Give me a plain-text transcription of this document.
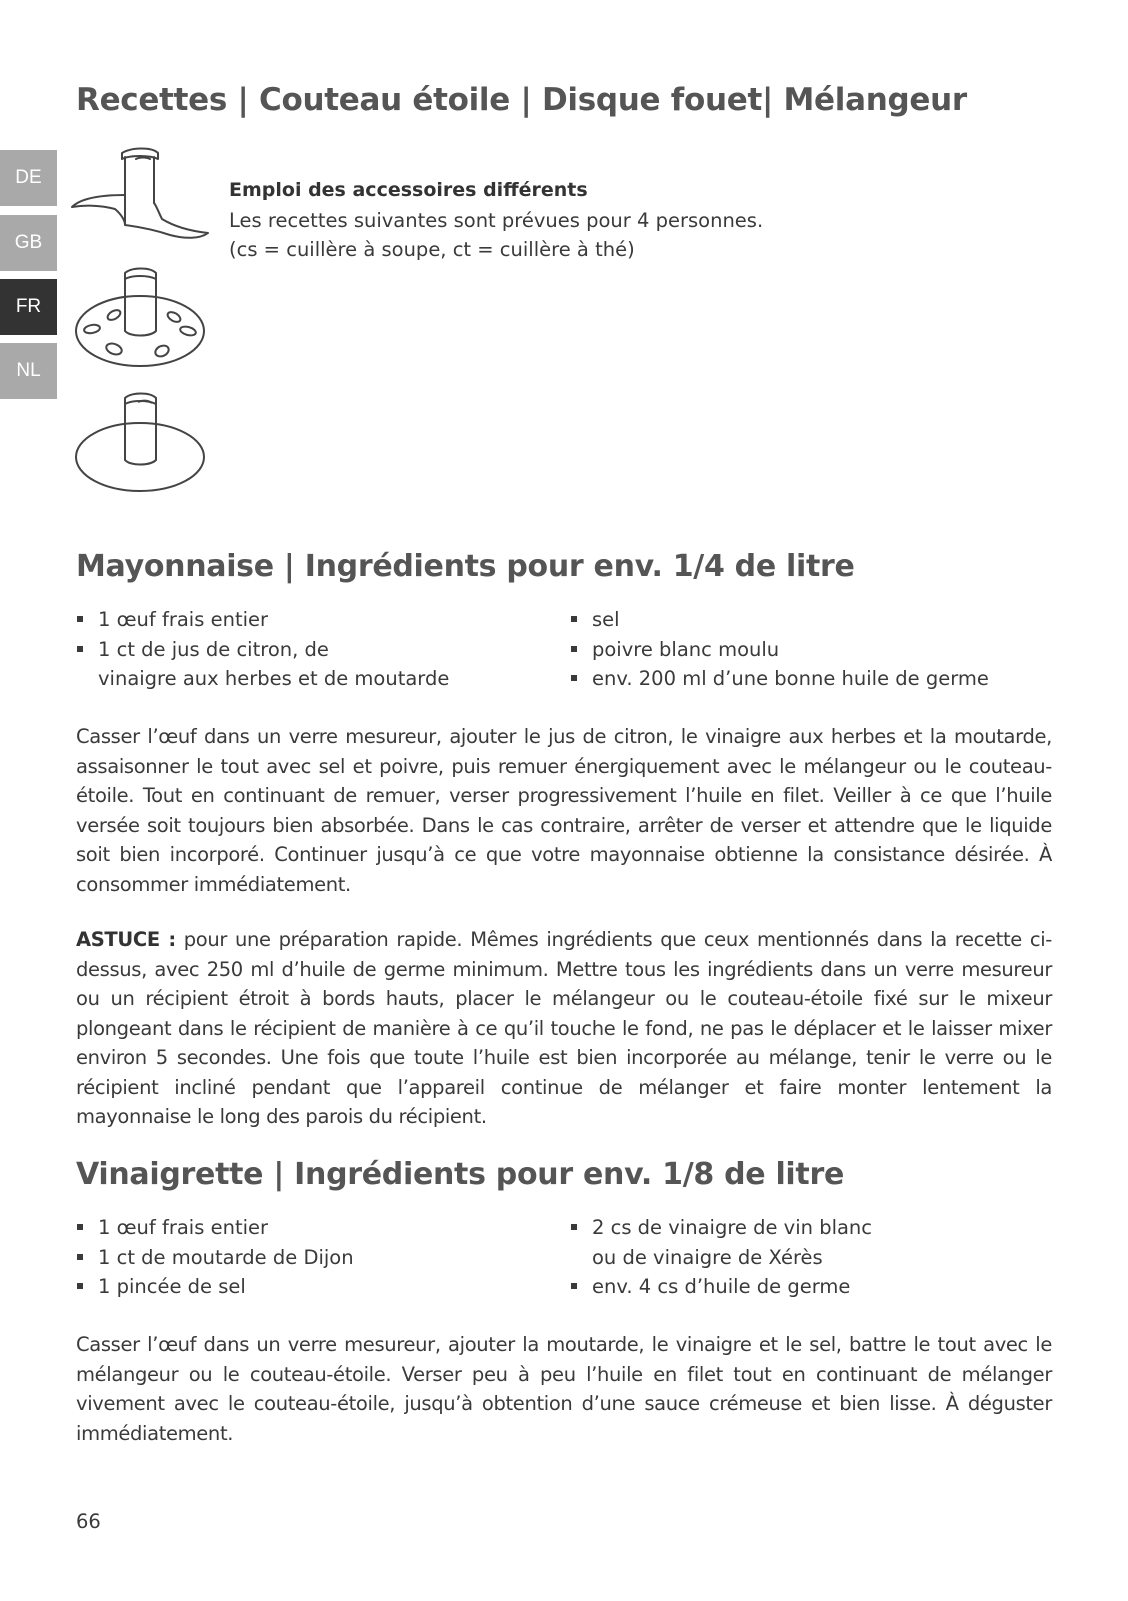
Recettes | Couteau étoile | Disque fouet| Mélangeur
DE
GB
FR
NL
Emploi des accessoires différents
Les recettes suivantes sont prévues pour 4 personnes.
(cs = cuillère à soupe, ct = cuillère à thé)
Mayonnaise | Ingrédients pour env. 1/4 de litre
1 œuf frais entier
1 ct de jus de citron, de
vinaigre aux herbes et de moutarde
sel
poivre blanc moulu
env. 200 ml d’une bonne huile de germe

Casser l’œuf dans un verre mesureur, ajouter le jus de citron, le vinaigre aux herbes et la moutarde, assaisonner le tout avec sel et poivre, puis remuer énergiquement avec le mélangeur ou le couteau-étoile. Tout en continuant de remuer, verser progressivement l’huile en filet. Veiller à ce que l’huile versée soit toujours bien absorbée. Dans le cas contraire, arrêter de verser et attendre que le liquide soit bien incorporé. Continuer jusqu’à ce que votre mayonnaise obtienne la consistance désirée. À consommer immédiatement.

ASTUCE : pour une préparation rapide. Mêmes ingrédients que ceux mentionnés dans la recette ci-dessus, avec 250 ml d’huile de germe minimum. Mettre tous les ingrédients dans un verre mesureur ou un récipient étroit à bords hauts, placer le mélangeur ou le couteau-étoile fixé sur le mixeur plongeant dans le récipient de manière à ce qu’il touche le fond, ne pas le déplacer et le laisser mixer environ 5 secondes. Une fois que toute l’huile est bien incorporée au mélange, tenir le verre ou le récipient incliné pendant que l’appareil continue de mélanger et faire monter lentement la mayonnaise le long des parois du récipient.

Vinaigrette | Ingrédients pour env. 1/8 de litre
1 œuf frais entier
1 ct de moutarde de Dijon
1 pincée de sel
2 cs de vinaigre de vin blanc
ou de vinaigre de Xérès
env. 4 cs d’huile de germe

Casser l’œuf dans un verre mesureur, ajouter la moutarde, le vinaigre et le sel, battre le tout avec le mélangeur ou le couteau-étoile. Verser peu à peu l’huile en filet tout en continuant de mélanger vivement avec le couteau-étoile, jusqu’à obtention d’une sauce crémeuse et bien lisse. À déguster immédiatement.

66
